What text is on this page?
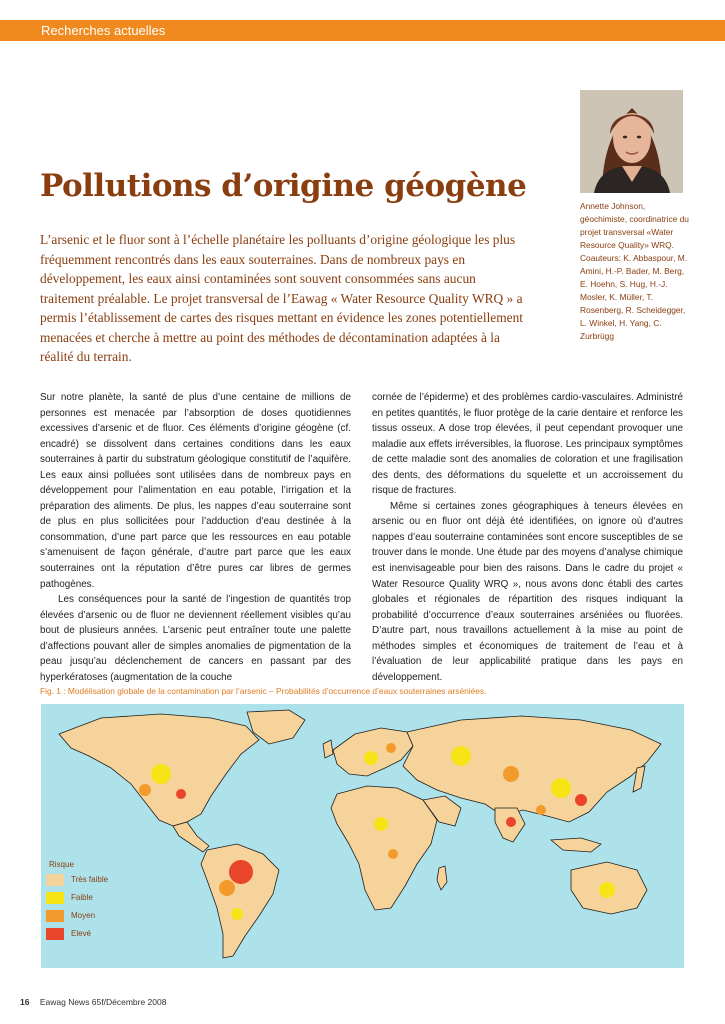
Recherches actuelles
Pollutions d’origine géogène

L’arsenic et le fluor sont à l’échelle planétaire les polluants d’origine géologique les plus fréquemment rencontrés dans les eaux souterraines. Dans de nombreux pays en développement, les eaux ainsi contaminées sont souvent consommées sans aucun traitement préalable. Le projet transversal de l’Eawag « Water Resource Quality WRQ » a permis l’établissement de cartes des risques mettant en évidence les zones potentiellement menacées et cherche à mettre au point des méthodes de décontamination adaptées à la réalité du terrain.

Annette Johnson, géochimiste, coordinatrice du projet transversal «Water Resource Quality» WRQ. Coauteurs: K. Abbaspour, M. Amini, H.-P. Bader, M. Berg, E. Hoehn, S. Hug, H.-J. Mosler, K. Müller, T. Rosenberg, R. Scheidegger, L. Winkel, H. Yang, C. Zurbrügg

Sur notre planète, la santé de plus d’une centaine de millions de personnes est menacée par l’absorption de doses quotidiennes excessives d’arsenic et de fluor. Ces éléments d’origine géogène (cf. encadré) se dissolvent dans certaines conditions dans les eaux souterraines à partir du substratum géologique constitutif de l’aquifère. Les eaux ainsi polluées sont utilisées dans de nombreux pays en développement pour l’alimentation en eau potable, l’irrigation et la préparation des aliments. De plus, les nappes d’eau souterraine sont de plus en plus sollicitées pour l’adduction d’eau destinée à la consommation, d’une part parce que les ressources en eau potable s’amenuisent de façon générale, d’autre part parce que les eaux souterraines ont la réputation d’être pures car libres de germes pathogènes.

Les conséquences pour la santé de l’ingestion de quantités trop élevées d’arsenic ou de fluor ne deviennent réellement visibles qu’au bout de plusieurs années. L’arsenic peut entraîner toute une palette d’affections pouvant aller de simples anomalies de pigmentation de la peau jusqu’au déclenchement de cancers en passant par des hyperkératoses (augmentation de la couche

cornée de l’épiderme) et des problèmes cardio-vasculaires. Administré en petites quantités, le fluor protège de la carie dentaire et renforce les tissus osseux. A dose trop élevées, il peut cependant provoquer une maladie aux effets irréversibles, la fluorose. Les principaux symptômes de cette maladie sont des anomalies de coloration et une fragilisation des dents, des déformations du squelette et un accroissement du risque de fractures.

Même si certaines zones géographiques à teneurs élevées en arsenic ou en fluor ont déjà été identifiées, on ignore où d’autres nappes d’eau souterraine contaminées sont encore susceptibles de se trouver dans le monde. Une étude par des moyens d’analyse chimique est inenvisageable pour bien des raisons. Dans le cadre du projet « Water Resource Quality WRQ », nous avons donc établi des cartes globales et régionales de répartition des risques indiquant la probabilité d’occurrence d’eaux souterraines arséniées ou fluorées. D’autre part, nous travaillons actuellement à la mise au point de méthodes simples et économiques de traitement de l’eau et à l’évaluation de leur applicabilité pratique dans les pays en développement.

Fig. 1 : Modélisation globale de la contamination par l’arsenic – Probabilités d’occurrence d’eaux souterraines arséniées.
Risque
Très faible
Faible
Moyen
Elevé
16 Eawag News 65f/Décembre 2008
